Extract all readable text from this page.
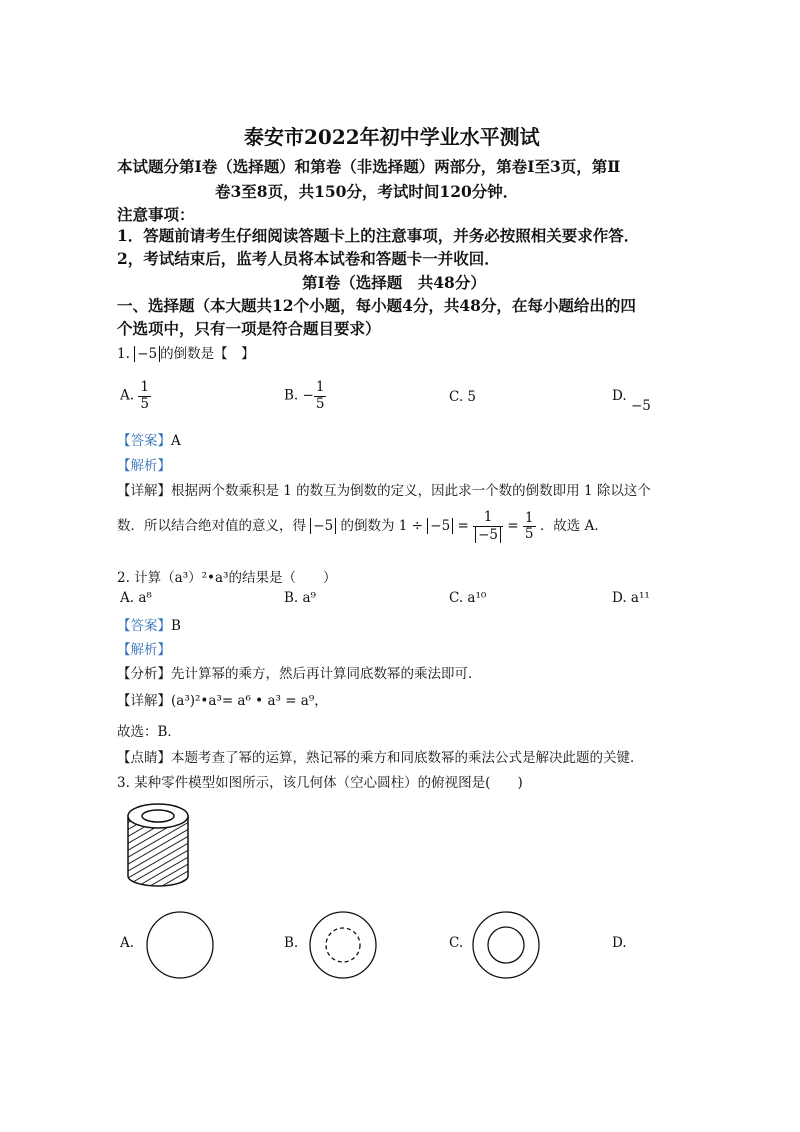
泰安市2022年初中学业水平测试
本试题分第Ⅰ卷（选择题）和第卷（非选择题）两部分，第卷Ⅰ至3页，第Ⅱ
卷3至8页，共150分，考试时间120分钟．
注意事项：
1．答题前请考生仔细阅读答题卡上的注意事项，并务必按照相关要求作答．
2，考试结束后，监考人员将本试卷和答题卡一并收回．
第Ⅰ卷（选择题　共48分）
一、选择题（本大题共12个小题，每小题4分，共48分，在每小题给出的四
个选项中，只有一项是符合题目要求）
1. −5 的倒数是【　】
A. $\frac{1}{5}$	B. − $\frac{1}{5}$	C. 5	D. −5
【答案】A
【解析】
【详解】根据两个数乘积是 1 的数互为倒数的定义，因此求一个数的倒数即用 1 除以这个
数．所以结合绝对值的意义，得 −5 的倒数为 $1 \div -5 = \frac{1}{-5} = \frac{1}{5}$ ．故选 A．
2. 计算（a³）²•a³的结果是（　　）
A. a⁸	B. a⁹	C. a¹⁰	D. a¹¹
【答案】B
【解析】
【分析】先计算幂的乘方，然后再计算同底数幂的乘法即可．
【详解】(a³)²•a³= a⁶ • a³ = a⁹，
故选：B．
【点睛】本题考查了幂的运算，熟记幂的乘方和同底数幂的乘法公式是解决此题的关键．
3. 某种零件模型如图所示，该几何体（空心圆柱）的俯视图是(　　)
A.	B.	C.	D.
